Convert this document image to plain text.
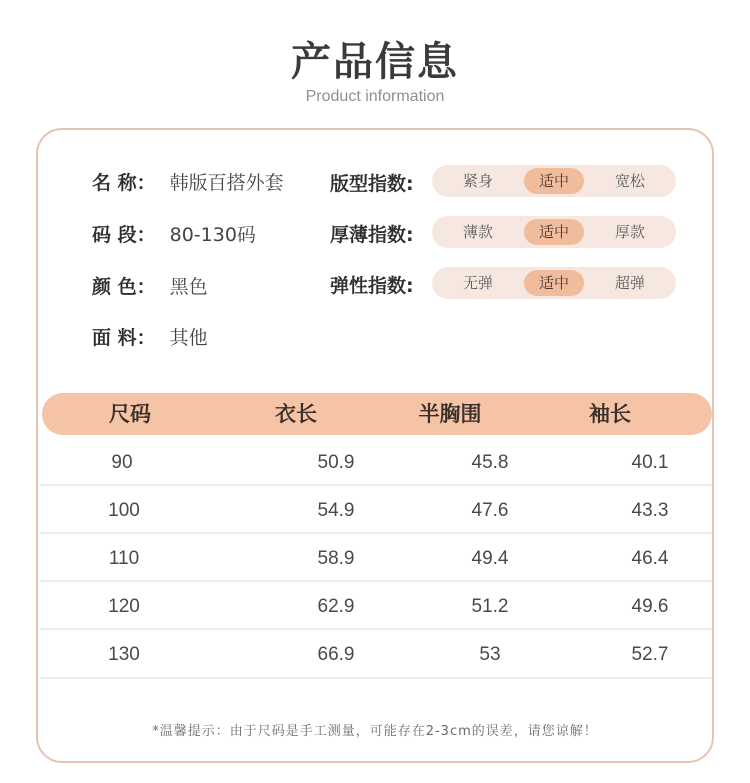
产品信息
Product information
名 称： 韩版百搭外套
码 段： 80-130码
颜 色： 黑色
面 料： 其他
版型指数:	紧身	适中	宽松
厚薄指数:	薄款	适中	厚款
弹性指数:	无弹	适中	超弹
尺码	衣长	半胸围	袖长
90	50.9	45.8	40.1
100	54.9	47.6	43.3
110	58.9	49.4	46.4
120	62.9	51.2	49.6
130	66.9	53	52.7
*温馨提示：由于尺码是手工测量，可能存在2-3cm的误差，请您谅解！
